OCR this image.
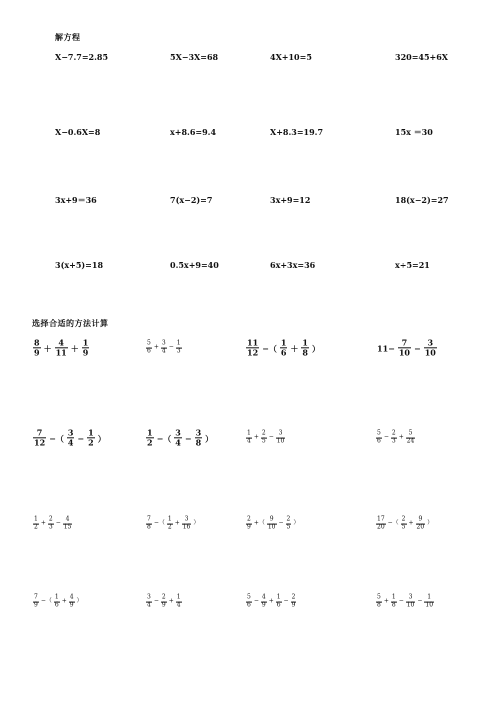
解方程
X−7.7=2.85	5X−3X=68	4X+10=5	320=45+6X
X−0.6X=8	x+8.6=9.4	X+8.3=19.7	15x ＝30
3x+9＝36	7(x−2)=7	3x+9=12	18(x−2)=27
3(x+5)=18	0.5x+9=40	6x+3x=36	x÷5=21
选择合适的方法计算
$\frac{8}{9} + \frac{4}{11} + \frac{1}{9}$	$\frac{5}{6} + \frac{3}{4} - \frac{1}{3}$	$\frac{11}{12}$ −（ $\frac{1}{6} + \frac{1}{8}$ ）	$11- \frac{7}{10} - \frac{3}{10}$
$\frac{7}{12}$ −（ $\frac{3}{4} - \frac{1}{2}$ ）	$\frac{1}{2}$ −（ $\frac{3}{4} - \frac{3}{8}$ ）	$\frac{1}{4} + \frac{2}{5} - \frac{3}{10}$	$\frac{5}{6} - \frac{2}{3} + \frac{5}{24}$
$\frac{1}{2} + \frac{2}{3} - \frac{4}{15}$	$\frac{7}{8}$ −（ $\frac{1}{2} + \frac{3}{16}$ ）	$\frac{2}{9}$ +（ $\frac{9}{10} - \frac{2}{5}$ ）	$\frac{17}{20}$ −（ $\frac{2}{5} + \frac{9}{20}$ ）
$\frac{7}{9}$ −（ $\frac{1}{6} + \frac{4}{9}$ ）	$\frac{3}{4} - \frac{2}{9} + \frac{1}{4}$	$\frac{5}{6} - \frac{4}{9} + \frac{1}{6} - \frac{2}{9}$	$\frac{5}{8} + \frac{1}{8} - \frac{3}{10} - \frac{1}{10}$
